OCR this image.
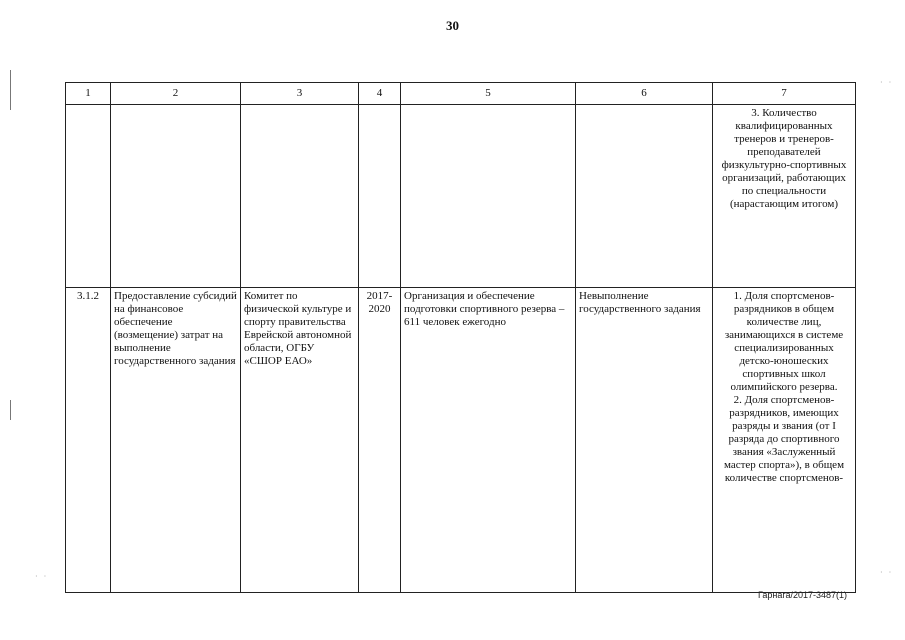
30
· ·
· ·
· ·
1	2	3	4	5	6	7
						3. Количество квалифицированных тренеров и тренеров-преподавателей физкультурно-спортивных организаций, работающих по специальности (нарастающим итогом)
3.1.2	Предоставление субсидий на финансовое обеспечение (возмещение) затрат на выполнение государственного задания	Комитет по физической культуре и спорту правительства Еврейской автономной области, ОГБУ «СШОР ЕАО»	2017-2020	Организация и обеспечение подготовки спортивного резерва – 611 человек ежегодно	Невыполнение государственного задания	1. Доля спортсменов-разрядников в общем количестве лиц, занимающихся в системе специализированных детско-юношеских спортивных школ олимпийского резерва.
2. Доля спортсменов-разрядников, имеющих разряды и звания (от I разряда до спортивного звания «Заслуженный мастер спорта»), в общем количестве спортсменов-
Гарнага/2017-3487(1)
